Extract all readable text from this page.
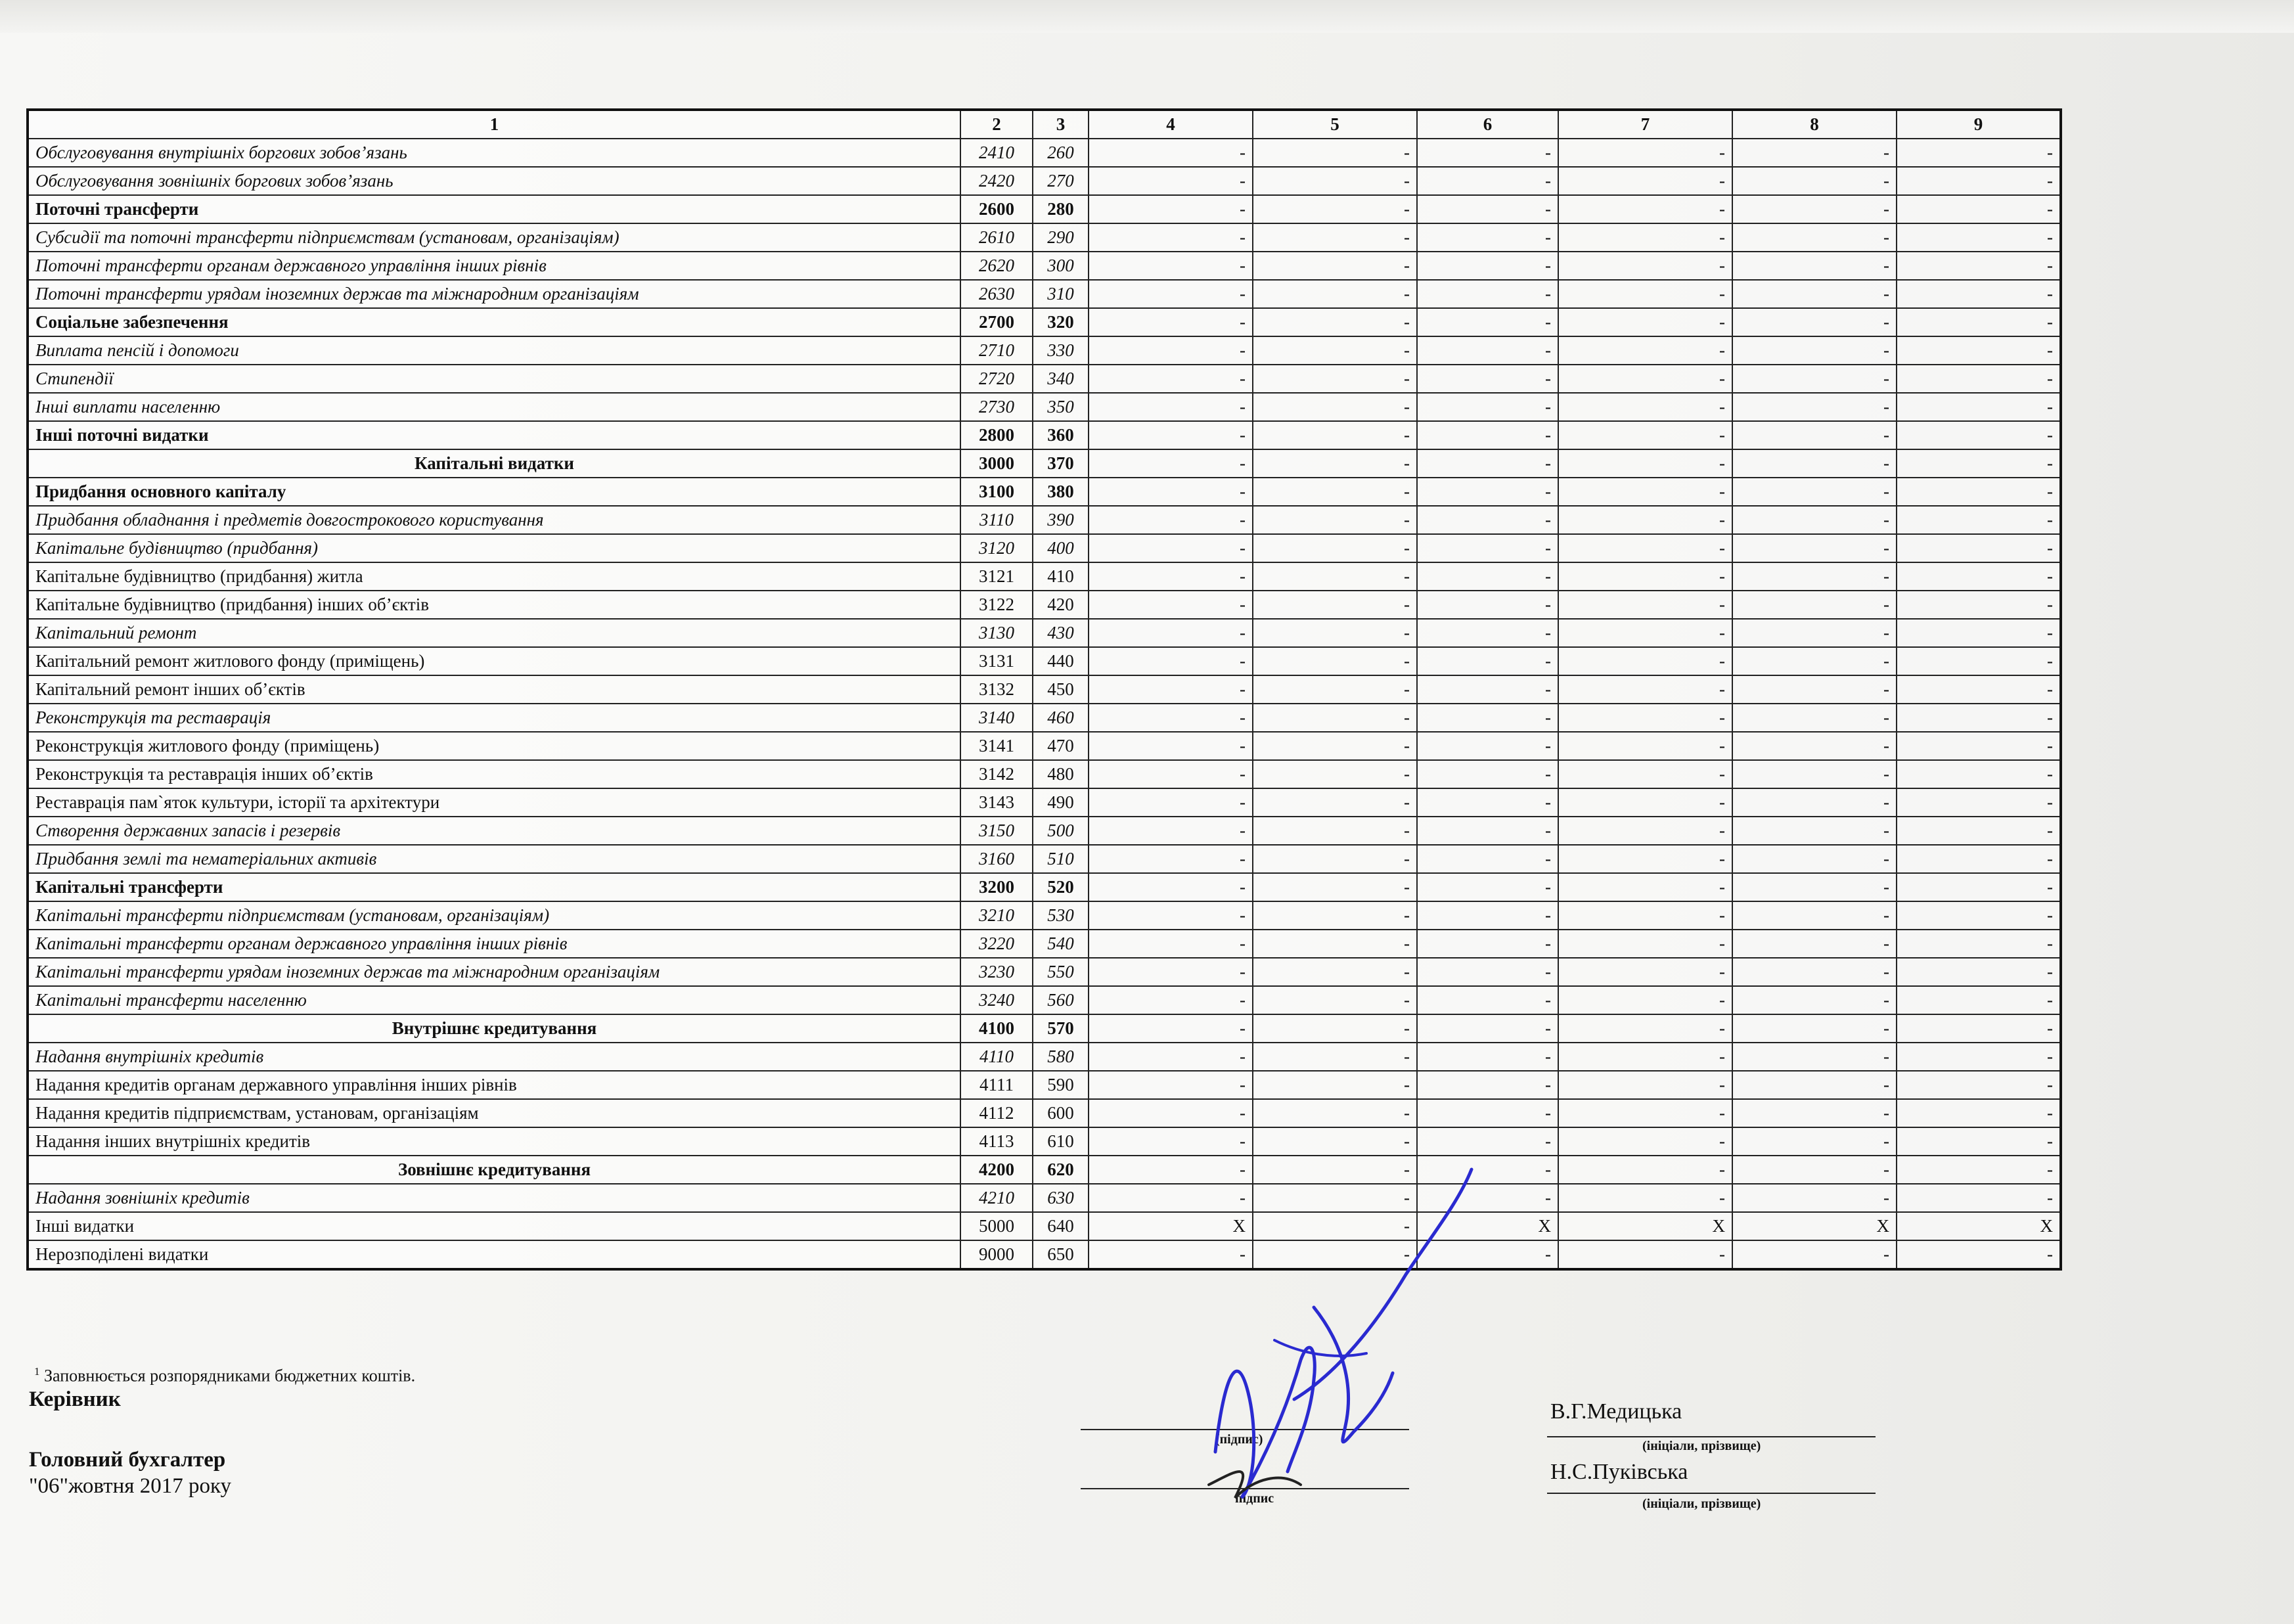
1	2	3	4	5	6	7	8	9
Обслуговування внутрішніх боргових зобов’язань	2410	260	-	-	-	-	-	-
Обслуговування зовнішніх боргових зобов’язань	2420	270	-	-	-	-	-	-
Поточні трансферти	2600	280	-	-	-	-	-	-
Субсидії та поточні трансферти підприємствам (установам, організаціям)	2610	290	-	-	-	-	-	-
Поточні трансферти органам державного управління інших рівнів	2620	300	-	-	-	-	-	-
Поточні трансферти урядам іноземних держав та міжнародним організаціям	2630	310	-	-	-	-	-	-
Соціальне забезпечення	2700	320	-	-	-	-	-	-
Виплата пенсій і допомоги	2710	330	-	-	-	-	-	-
Стипендії	2720	340	-	-	-	-	-	-
Інші виплати населенню	2730	350	-	-	-	-	-	-
Інші поточні видатки	2800	360	-	-	-	-	-	-
Капітальні видатки	3000	370	-	-	-	-	-	-
Придбання основного капіталу	3100	380	-	-	-	-	-	-
Придбання обладнання і предметів довгострокового користування	3110	390	-	-	-	-	-	-
Капітальне будівництво (придбання)	3120	400	-	-	-	-	-	-
Капітальне будівництво (придбання) житла	3121	410	-	-	-	-	-	-
Капітальне будівництво (придбання) інших об’єктів	3122	420	-	-	-	-	-	-
Капітальний ремонт	3130	430	-	-	-	-	-	-
Капітальний ремонт житлового фонду (приміщень)	3131	440	-	-	-	-	-	-
Капітальний ремонт інших об’єктів	3132	450	-	-	-	-	-	-
Реконструкція та реставрація	3140	460	-	-	-	-	-	-
Реконструкція житлового фонду (приміщень)	3141	470	-	-	-	-	-	-
Реконструкція та реставрація інших об’єктів	3142	480	-	-	-	-	-	-
Реставрація пам`яток культури, історії та архітектури	3143	490	-	-	-	-	-	-
Створення державних запасів і резервів	3150	500	-	-	-	-	-	-
Придбання землі та нематеріальних активів	3160	510	-	-	-	-	-	-
Капітальні трансферти	3200	520	-	-	-	-	-	-
Капітальні трансферти підприємствам (установам, організаціям)	3210	530	-	-	-	-	-	-
Капітальні трансферти органам державного управління інших рівнів	3220	540	-	-	-	-	-	-
Капітальні трансферти урядам іноземних держав та міжнародним організаціям	3230	550	-	-	-	-	-	-
Капітальні трансферти населенню	3240	560	-	-	-	-	-	-
Внутрішнє кредитування	4100	570	-	-	-	-	-	-
Надання внутрішніх кредитів	4110	580	-	-	-	-	-	-
Надання кредитів органам державного управління інших рівнів	4111	590	-	-	-	-	-	-
Надання кредитів підприємствам, установам, організаціям	4112	600	-	-	-	-	-	-
Надання інших внутрішніх кредитів	4113	610	-	-	-	-	-	-
Зовнішнє кредитування	4200	620	-	-	-	-	-	-
Надання зовнішніх кредитів	4210	630	-	-	-	-	-	-
Інші видатки	5000	640	X	-	X	X	X	X
Нерозподілені видатки	9000	650	-	-	-	-	-	-
$^1$ Заповнюється розпорядниками бюджетних коштів.
Керівник
Головний бухгалтер
"06"жовтня 2017 року
(підпис)
В.Г.Медицька
(ініціали, прізвище)
підпис
Н.С.Пуківська
(ініціали, прізвище)
